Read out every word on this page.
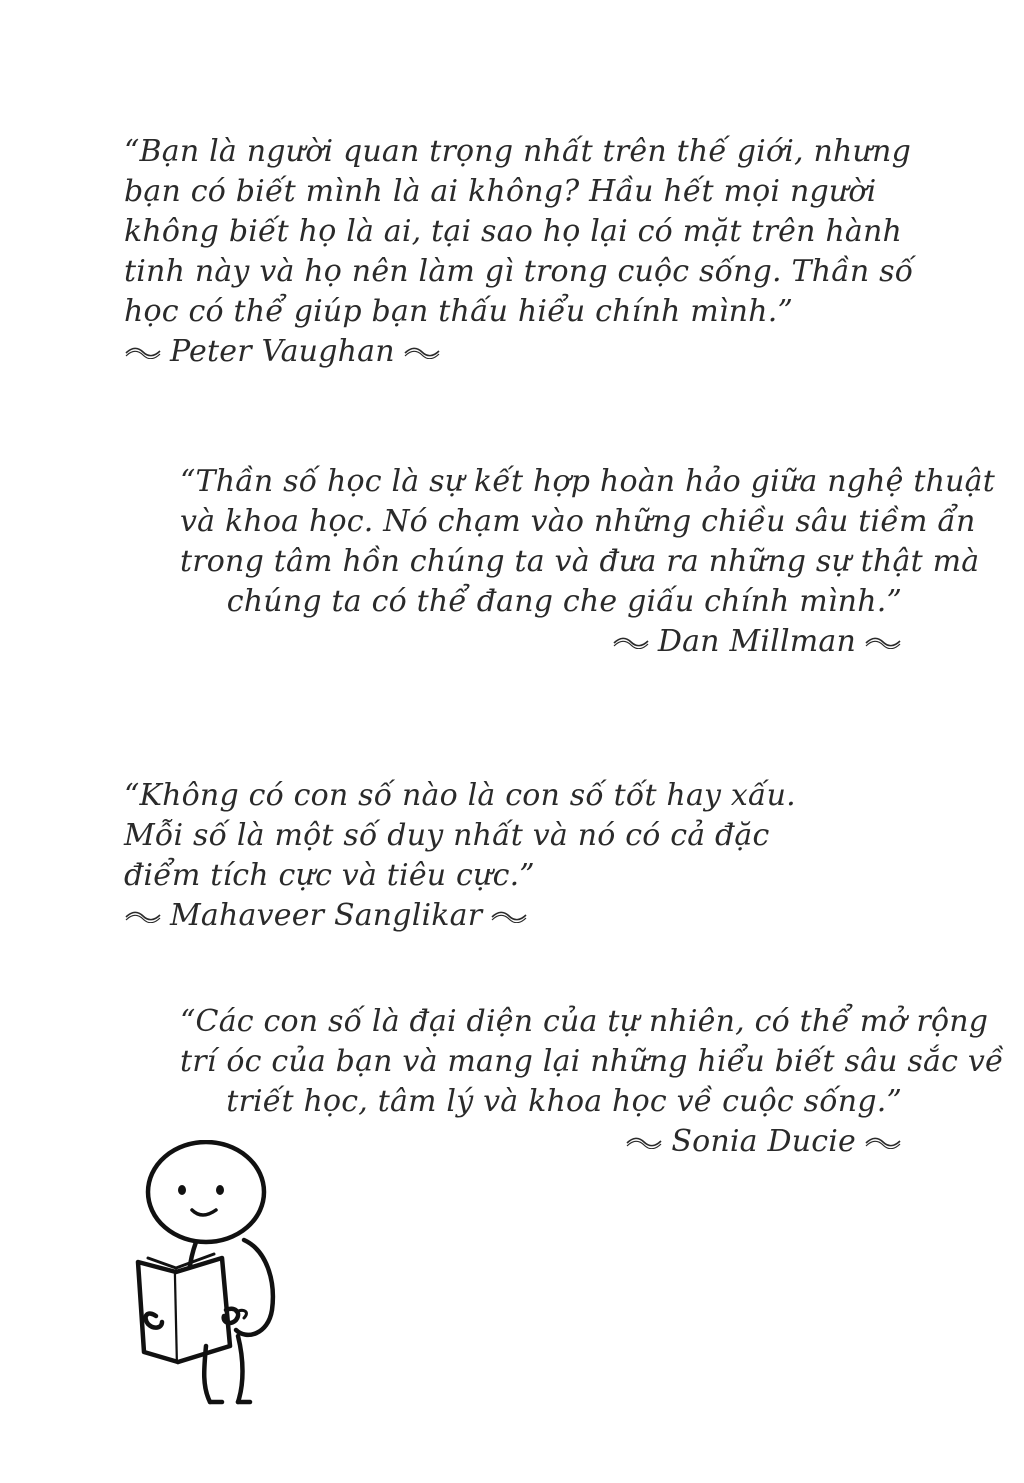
“Bạn là người quan trọng nhất trên thế giới, nhưng
bạn có biết mình là ai không? Hầu hết mọi người
không biết họ là ai, tại sao họ lại có mặt trên hành
tinh này và họ nên làm gì trong cuộc sống. Thần số
học có thể giúp bạn thấu hiểu chính mình.”
Peter Vaughan
“Thần số học là sự kết hợp hoàn hảo giữa nghệ thuật
và khoa học. Nó chạm vào những chiều sâu tiềm ẩn
trong tâm hồn chúng ta và đưa ra những sự thật mà
chúng ta có thể đang che giấu chính mình.”
Dan Millman
“Không có con số nào là con số tốt hay xấu.
Mỗi số là một số duy nhất và nó có cả đặc
điểm tích cực và tiêu cực.”
Mahaveer Sanglikar
“Các con số là đại diện của tự nhiên, có thể mở rộng
trí óc của bạn và mang lại những hiểu biết sâu sắc về
triết học, tâm lý và khoa học về cuộc sống.”
Sonia Ducie
